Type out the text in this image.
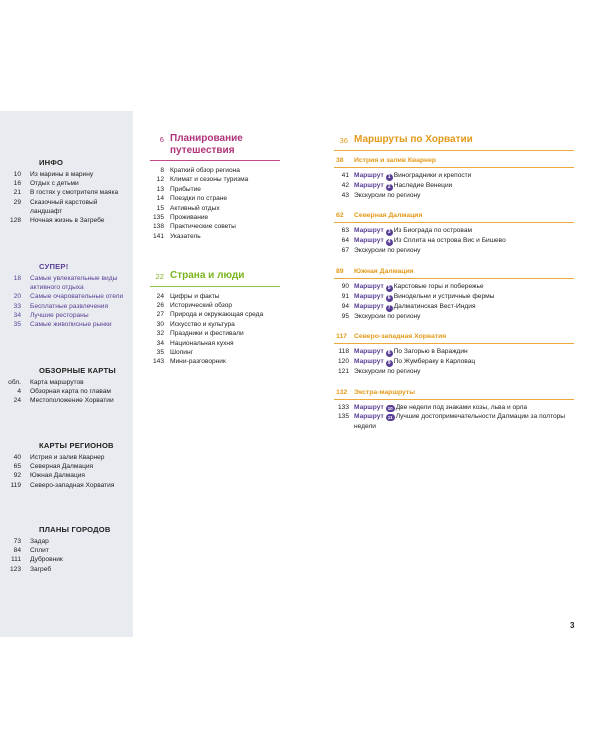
ИНФО
10	Из марины в марину
16	Отдых с детьми
21	В гостях у смотрителя маяка
29	Сказочный карстовый ландшафт
128	Ночная жизнь в Загребе
СУПЕР!
18	Самые увлекательные виды активного отдыха
20	Самые очаровательные отели
33	Бесплатные развлечения
34	Лучшие рестораны
35	Самые живописные рынки
ОБЗОРНЫЕ КАРТЫ
обл.	Карта маршрутов
4	Обзорная карта по главам
24	Местоположение Хорватии
КАРТЫ РЕГИОНОВ
40	Истрия и залив Кварнер
65	Северная Далмация
92	Южная Далмация
119	Северо-западная Хорватия
ПЛАНЫ ГОРОДОВ
73	Задар
84	Сплит
111	Дубровник
123	Загреб
6 Планирование путешествия
8 Краткий обзор региона
12 Климат и сезоны туризма
13 Прибытие
14 Поездки по стране
15 Активный отдых
135 Проживание
138 Практические советы
141 Указатель
22 Страна и люди
24 Цифры и факты
26 Исторический обзор
27 Природа и окружающая среда
30 Искусство и культура
32 Праздники и фестивали
34 Национальная кухня
35 Шопинг
143 Мини-разговорник
36 Маршруты по Хорватии
38	Истрия и залив Кварнер
41 Маршрут 1 Виноградники и крепости
42 Маршрут 2 Наследие Венеции
43 Экскурсии по региону
62	Северная Далмация
63 Маршрут 3 Из Биограда по островам
64 Маршрут 4 Из Сплита на острова Вис и Бишево
67 Экскурсии по региону
89	Южная Далмация
90 Маршрут 5 Карстовые горы и побережье
91 Маршрут 6 Винодельни и устричные фермы
94 Маршрут 7 Далматинская Вест-Индия
95 Экскурсии по региону
117	Северо-западная Хорватия
118 Маршрут 8 По Загорью в Вараждин
120 Маршрут 9 По Жумбераку в Карловац
121 Экскурсии по региону
132 Экстра-маршруты
133 Маршрут 10 Две недели под знаками козы, льва и орла
135 Маршрут 11 Лучшие достопримечательности Далмации за полторы недели
3
